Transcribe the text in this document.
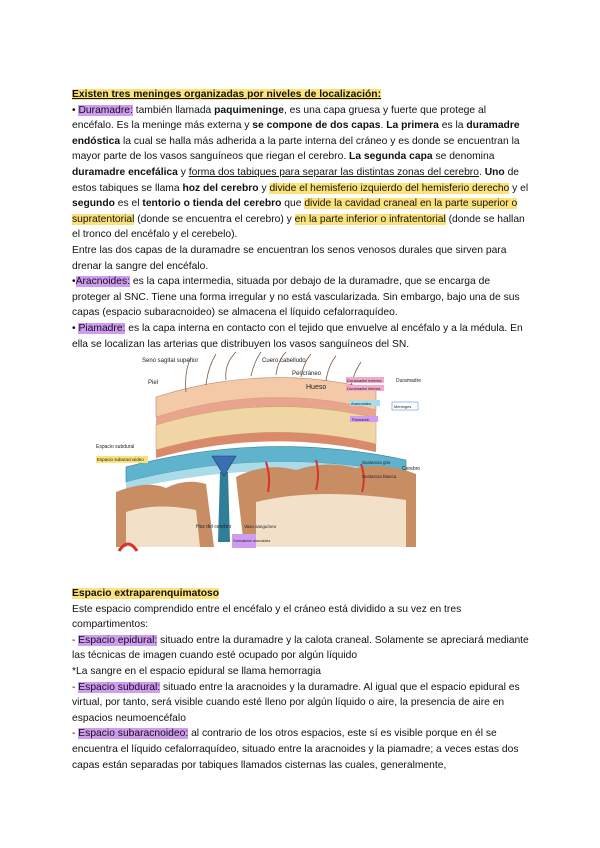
Existen tres meninges organizadas por niveles de localización:

• Duramadre: también llamada paquimeninge, es una capa gruesa y fuerte que protege al encéfalo. Es la meninge más externa y se compone de dos capas. La primera es la duramadre endóstica la cual se halla más adherida a la parte interna del cráneo y es donde se encuentran la mayor parte de los vasos sanguíneos que riegan el cerebro. La segunda capa se denomina duramadre encefálica y forma dos tabiques para separar las distintas zonas del cerebro. Uno de estos tabiques se llama hoz del cerebro y divide el hemisferio izquierdo del hemisferio derecho y el segundo es el tentorio o tienda del cerebro que divide la cavidad craneal en la parte superior o supratentorial (donde se encuentra el cerebro) y en la parte inferior o infratentorial (donde se hallan el tronco del encéfalo y el cerebelo).

Entre las dos capas de la duramadre se encuentran los senos venosos durales que sirven para drenar la sangre del encéfalo.

•Aracnoides: es la capa intermedia, situada por debajo de la duramadre, que se encarga de proteger al SNC. Tiene una forma irregular y no está vascularizada. Sin embargo, bajo una de sus capas (espacio subaracnoideo) se almacena el líquido cefalorraquídeo.

• Piamadre: es la capa interna en contacto con el tejido que envuelve al encéfalo y a la médula. En ella se localizan las arterias que distribuyen los vasos sanguíneos del SN.

Seno sagital superior	Cuero cabelludo
Piel
Pericráneo
Hueso
Duramadre externa
Duramadre interna
Duramadre
Aracnoides
Piamadre
Meninges
Sustancia gris
Sustancia blanca
Cerebro
Espacio subdural
Espacio subaracnoideo
Hoz del cerebro	Vaso sanguíneo
Granulación aracnoidea

Espacio extraparenquimatoso

Este espacio comprendido entre el encéfalo y el cráneo está dividido a su vez en tres compartimentos:

- Espacio epidural: situado entre la duramadre y la calota craneal. Solamente se apreciará mediante las técnicas de imagen cuando esté ocupado por algún líquido

*La sangre en el espacio epidural se llama hemorragia

- Espacio subdural: situado entre la aracnoides y la duramadre. Al igual que el espacio epidural es virtual, por tanto, será visible cuando esté lleno por algún líquido o aire, la presencia de aire en espacios neumoencéfalo

- Espacio subaracnoideo: al contrario de los otros espacios, este sí es visible porque en él se encuentra el líquido cefalorraquídeo, situado entre la aracnoides y la piamadre; a veces estas dos capas están separadas por tabiques llamados cisternas las cuales, generalmente,
